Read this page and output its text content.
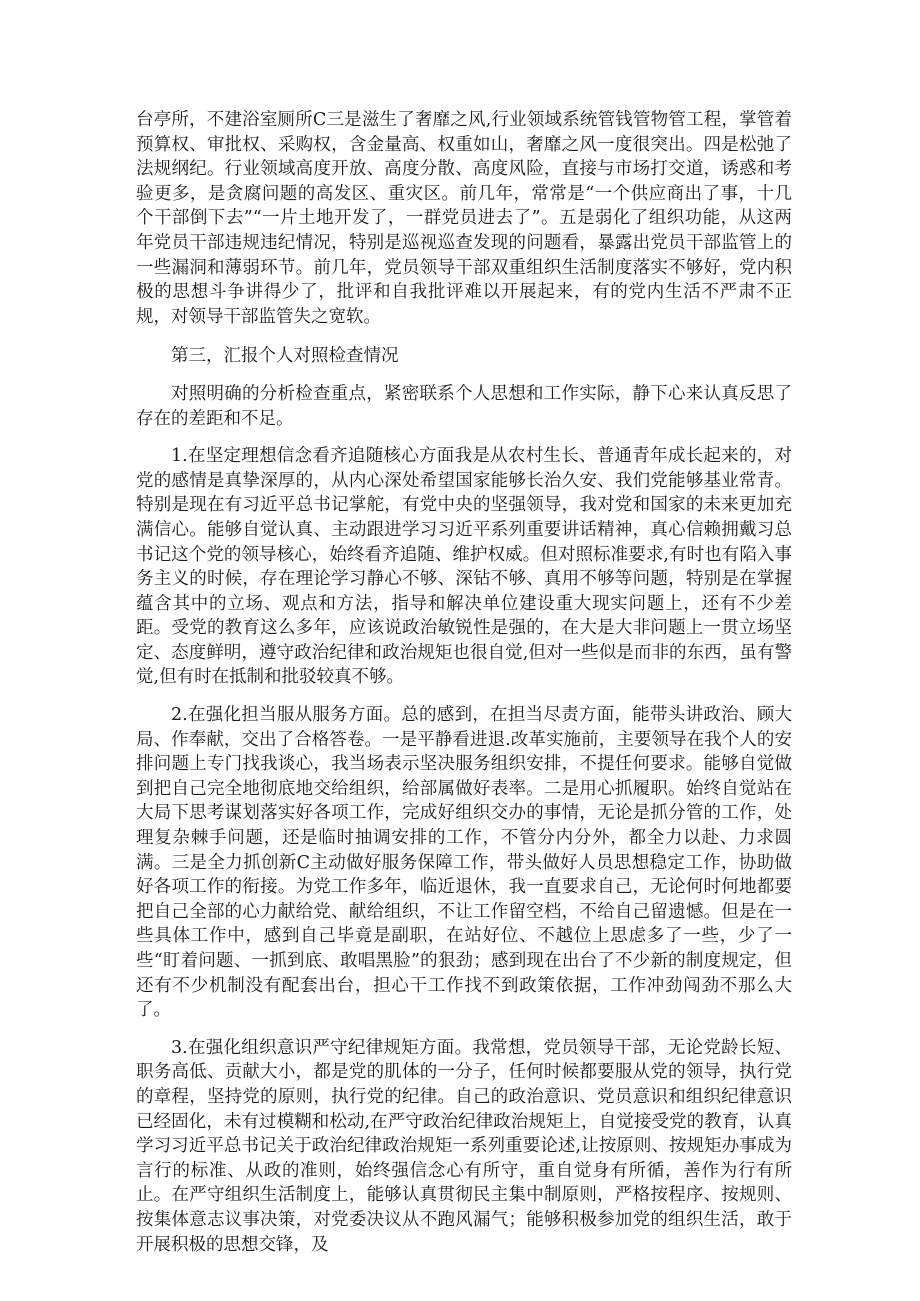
台亭所，不建浴室厕所C三是滋生了奢靡之风,行业领域系统管钱管物管工程，掌管着预算权、审批权、采购权，含金量高、权重如山，奢靡之风一度很突出。四是松弛了法规纲纪。行业领域高度开放、高度分散、高度风险，直接与市场打交道，诱惑和考验更多，是贪腐问题的高发区、重灾区。前几年，常常是“一个供应商出了事，十几个干部倒下去”“一片土地开发了，一群党员进去了”。五是弱化了组织功能，从这两年党员干部违规违纪情况，特别是巡视巡查发现的问题看，暴露出党员干部监管上的一些漏洞和薄弱环节。前几年，党员领导干部双重组织生活制度落实不够好，党内积极的思想斗争讲得少了，批评和自我批评难以开展起来，有的党内生活不严肃不正规，对领导干部监管失之宽软。

第三，汇报个人对照检查情况

对照明确的分析检查重点，紧密联系个人思想和工作实际，静下心来认真反思了存在的差距和不足。

1.在坚定理想信念看齐追随核心方面我是从农村生长、普通青年成长起来的，对党的感情是真挚深厚的，从内心深处希望国家能够长治久安、我们党能够基业常青。特别是现在有习近平总书记掌舵，有党中央的坚强领导，我对党和国家的未来更加充满信心。能够自觉认真、主动跟进学习习近平系列重要讲话精神，真心信赖拥戴习总书记这个党的领导核心，始终看齐追随、维护权威。但对照标准要求,有时也有陷入事务主义的时候，存在理论学习静心不够、深钻不够、真用不够等问题，特别是在掌握蕴含其中的立场、观点和方法，指导和解决单位建设重大现实问题上，还有不少差距。受党的教育这么多年，应该说政治敏锐性是强的，在大是大非问题上一贯立场坚定、态度鲜明，遵守政治纪律和政治规矩也很自觉,但对一些似是而非的东西，虽有警觉,但有时在抵制和批驳较真不够。

2.在强化担当服从服务方面。总的感到，在担当尽责方面，能带头讲政治、顾大局、作奉献，交出了合格答卷。一是平静看进退.改革实施前，主要领导在我个人的安排问题上专门找我谈心，我当场表示坚决服务组织安排，不提任何要求。能够自觉做到把自己完全地彻底地交给组织，给部属做好表率。二是用心抓履职。始终自觉站在大局下思考谋划落实好各项工作，完成好组织交办的事情，无论是抓分管的工作，处理复杂棘手问题，还是临时抽调安排的工作，不管分内分外，都全力以赴、力求圆满。三是全力抓创新C主动做好服务保障工作，带头做好人员思想稳定工作，协助做好各项工作的衔接。为党工作多年，临近退休，我一直要求自己，无论何时何地都要把自己全部的心力献给党、献给组织，不让工作留空档，不给自己留遗憾。但是在一些具体工作中，感到自己毕竟是副职，在站好位、不越位上思虑多了一些，少了一些“盯着问题、一抓到底、敢唱黑脸”的狠劲；感到现在出台了不少新的制度规定，但还有不少机制没有配套出台，担心干工作找不到政策依据，工作冲劲闯劲不那么大了。

3.在强化组织意识严守纪律规矩方面。我常想，党员领导干部，无论党龄长短、职务高低、贡献大小，都是党的肌体的一分子，任何时候都要服从党的领导，执行党的章程，坚持党的原则，执行党的纪律。自己的政治意识、党员意识和组织纪律意识已经固化，未有过模糊和松动,在严守政治纪律政治规矩上，自觉接受党的教育，认真学习习近平总书记关于政治纪律政治规矩一系列重要论述,让按原则、按规矩办事成为言行的标准、从政的准则，始终强信念心有所守，重自觉身有所循，善作为行有所止。在严守组织生活制度上，能够认真贯彻民主集中制原则，严格按程序、按规则、按集体意志议事决策，对党委决议从不跑风漏气；能够积极参加党的组织生活，敢于开展积极的思想交锋，及
